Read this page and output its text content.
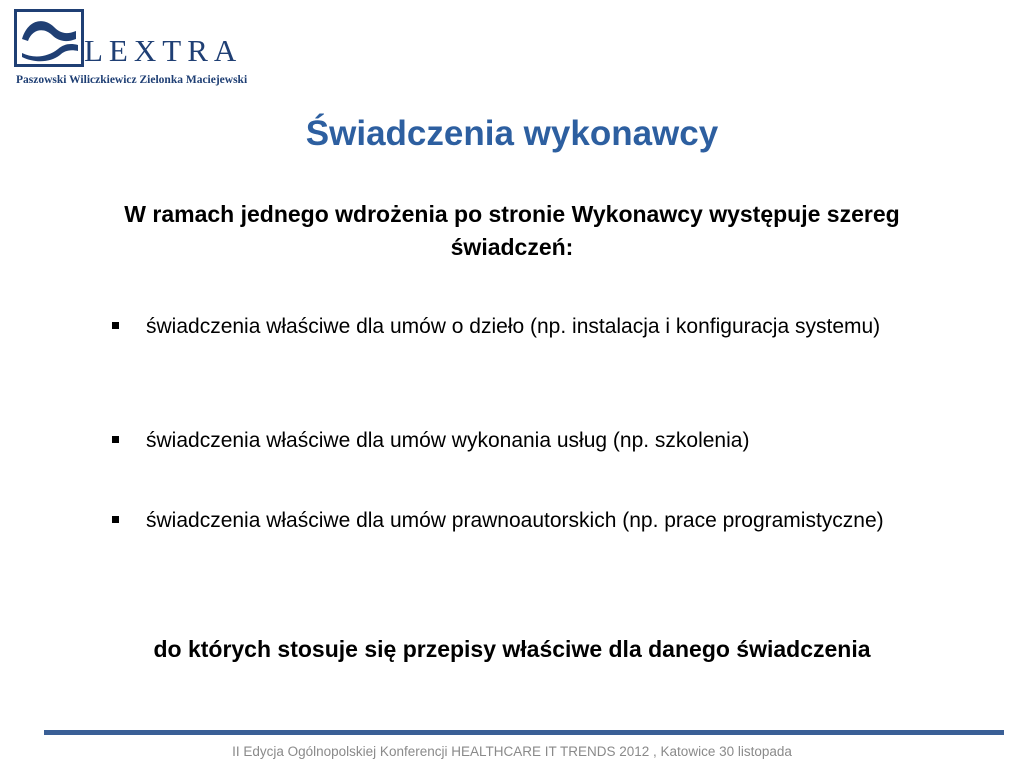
LEXTRA
Paszowski Wiliczkiewicz Zielonka Maciejewski
Świadczenia wykonawcy
W ramach jednego wdrożenia po stronie Wykonawcy występuje szereg świadczeń:
świadczenia właściwe dla umów o dzieło (np. instalacja i konfiguracja systemu)
świadczenia właściwe dla umów wykonania usług (np. szkolenia)
świadczenia właściwe dla umów prawnoautorskich (np. prace programistyczne)
do których stosuje się przepisy właściwe dla danego świadczenia
II Edycja Ogólnopolskiej Konferencji HEALTHCARE IT TRENDS 2012 , Katowice 30 listopada
